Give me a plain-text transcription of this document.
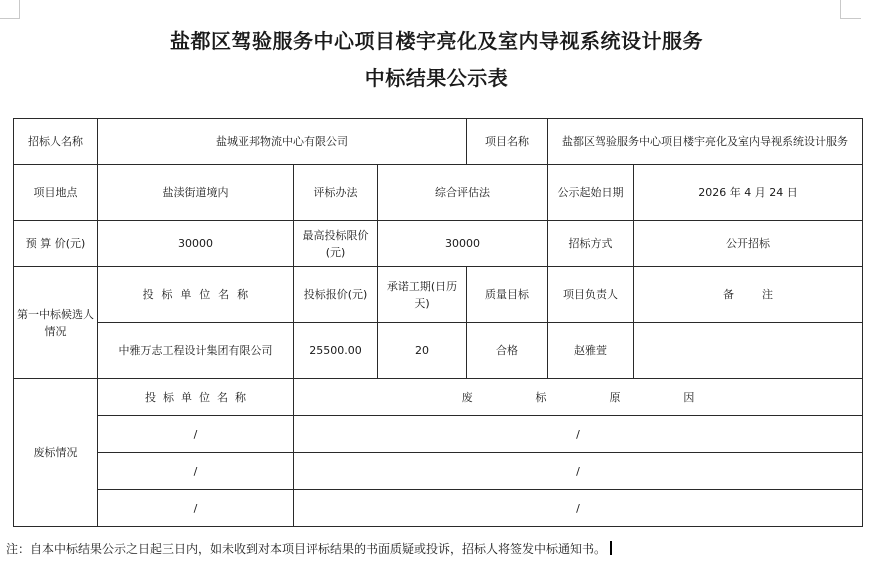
盐都区驾验服务中心项目楼宇亮化及室内导视系统设计服务
中标结果公示表
招标人名称	盐城亚邦物流中心有限公司			项目名称	盐都区驾验服务中心项目楼宇亮化及室内导视系统设计服务	
项目地点	盐渎街道境内	评标办法	综合评估法		公示起始日期	2026 年 4 月 24 日
预 算 价(元)	30000	最高投标限价(元)	30000		招标方式	公开招标
第一中标候选人情况	投  标  单  位  名  称	投标报价(元)	承诺工期(日历天)	质量目标	项目负责人	备        注
	中雅万志工程设计集团有限公司	25500.00	20	合格	赵雅萱	
废标情况	投  标  单  位  名  称	废                  标                  原                  因				
	/	/				
	/	/				
	/	/				
注：自本中标结果公示之日起三日内，如未收到对本项目评标结果的书面质疑或投诉，招标人将签发中标通知书。
